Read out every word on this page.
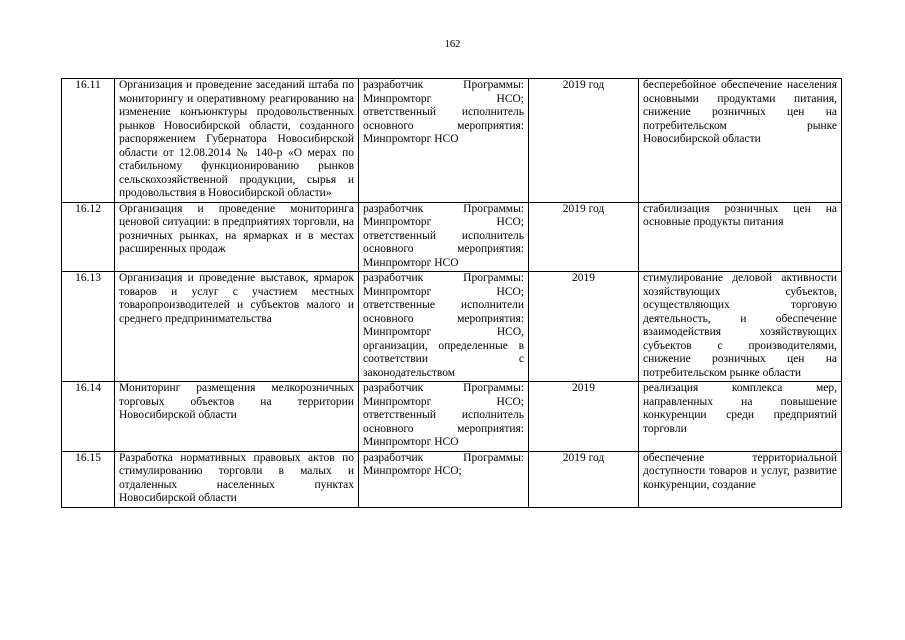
162
16.11	Организация и проведение заседаний штаба по мониторингу и оперативному реагированию на изменение конъюнктуры продовольственных рынков Новосибирской области, созданного распоряжением Губернатора Новосибирской области от 12.08.2014 № 140-р «О мерах по стабильному функционированию рынков сельскохозяйственной продукции, сырья и продовольствия в Новосибирской области»	разработчик Программы: Минпромторг НСО; ответственный исполнитель основного мероприятия: Минпромторг НСО	2019 год	бесперебойное обеспечение населения основными продуктами питания, снижение розничных цен на потребительском рынке Новосибирской области
16.12	Организация и проведение мониторинга ценовой ситуации: в предприятиях торговли, на розничных рынках, на ярмарках и в местах расширенных продаж	разработчик Программы: Минпромторг НСО; ответственный исполнитель основного мероприятия: Минпромторг НСО	2019 год	стабилизация розничных цен на основные продукты питания
16.13	Организация и проведение выставок, ярмарок товаров и услуг с участием местных товаропроизводителей и субъектов малого и среднего предпринимательства	разработчик Программы: Минпромторг НСО; ответственные исполнители основного мероприятия: Минпромторг НСО, организации, определенные в соответствии с законодательством	2019	стимулирование деловой активности хозяйствующих субъектов, осуществляющих торговую деятельность, и обеспечение взаимодействия хозяйствующих субъектов с производителями, снижение розничных цен на потребительском рынке области
16.14	Мониторинг размещения мелкорозничных торговых объектов на территории Новосибирской области	разработчик Программы: Минпромторг НСО; ответственный исполнитель основного мероприятия: Минпромторг НСО	2019	реализация комплекса мер, направленных на повышение конкуренции среди предприятий торговли
16.15	Разработка нормативных правовых актов по стимулированию торговли в малых и отдаленных населенных пунктах Новосибирской области	разработчик Программы: Минпромторг НСО;	2019 год	обеспечение территориальной доступности товаров и услуг, развитие конкуренции, создание
